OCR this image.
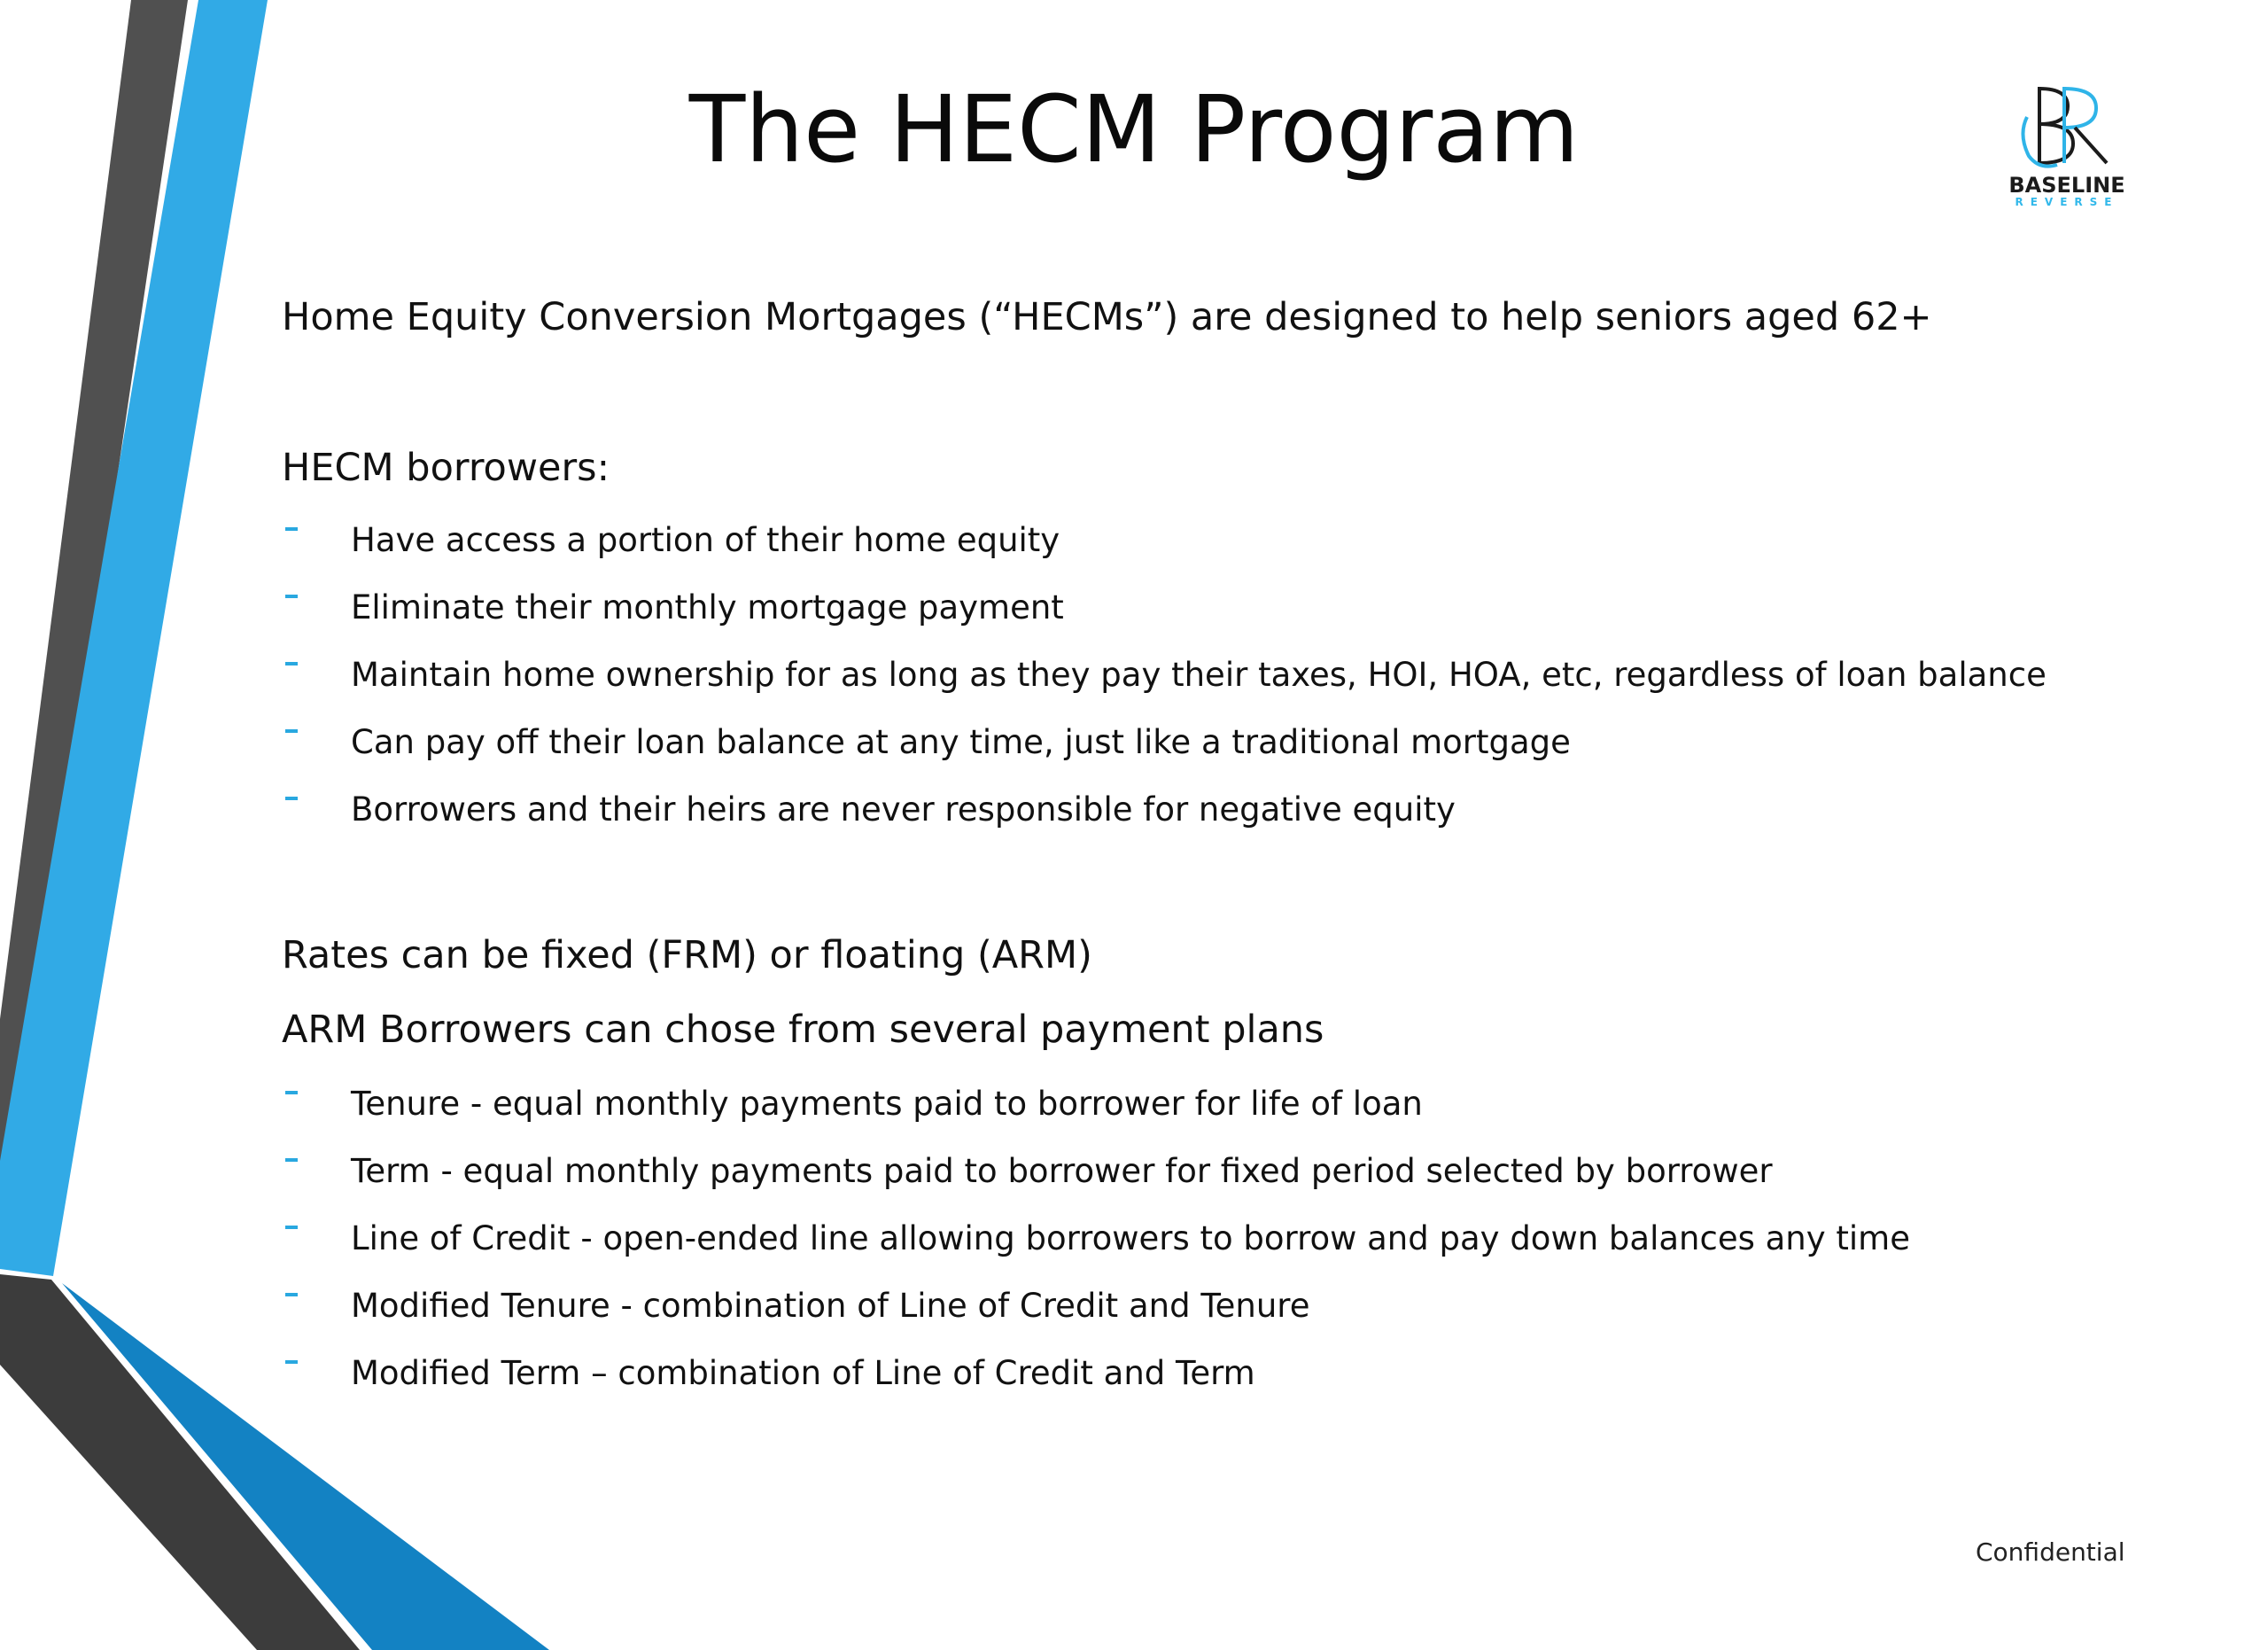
The HECM Program
BASELINE
REVERSE
Home Equity Conversion Mortgages (“HECMs”) are designed to help seniors aged 62+
HECM borrowers:
Have access a portion of their home equity
Eliminate their monthly mortgage payment
Maintain home ownership for as long as they pay their taxes, HOI, HOA, etc, regardless of loan balance
Can pay off their loan balance at any time, just like a traditional mortgage
Borrowers and their heirs are never responsible for negative equity
Rates can be fixed (FRM) or floating (ARM)
ARM Borrowers can chose from several payment plans
Tenure - equal monthly payments paid to borrower for life of loan
Term - equal monthly payments paid to borrower for fixed period selected by borrower
Line of Credit - open-ended line allowing borrowers to borrow and pay down balances any time
Modified Tenure - combination of Line of Credit and Tenure
Modified Term – combination of Line of Credit and Term
Confidential
